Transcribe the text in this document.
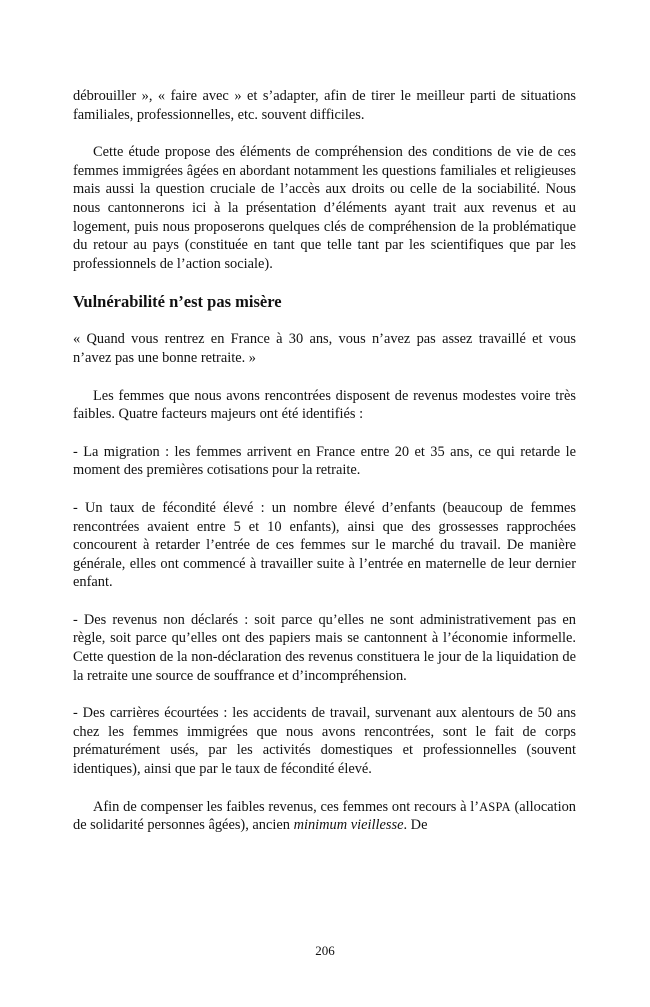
débrouiller », « faire avec » et s’adapter, afin de tirer le meilleur parti de situations familiales, professionnelles, etc. souvent difficiles.

Cette étude propose des éléments de compréhension des conditions de vie de ces femmes immigrées âgées en abordant notamment les questions familiales et religieuses mais aussi la question cruciale de l’accès aux droits ou celle de la sociabilité. Nous nous cantonnerons ici à la présentation d’éléments ayant trait aux revenus et au logement, puis nous proposerons quelques clés de compréhension de la problématique du retour au pays (constituée en tant que telle tant par les scientifiques que par les professionnels de l’action sociale).

Vulnérabilité n’est pas misère

« Quand vous rentrez en France à 30 ans, vous n’avez pas assez travaillé et vous n’avez pas une bonne retraite. »

Les femmes que nous avons rencontrées disposent de revenus modestes voire très faibles. Quatre facteurs majeurs ont été identifiés :

- La migration : les femmes arrivent en France entre 20 et 35 ans, ce qui retarde le moment des premières cotisations pour la retraite.

- Un taux de fécondité élevé : un nombre élevé d’enfants (beaucoup de femmes rencontrées avaient entre 5 et 10 enfants), ainsi que des grossesses rapprochées concourent à retarder l’entrée de ces femmes sur le marché du travail. De manière générale, elles ont commencé à travailler suite à l’entrée en maternelle de leur dernier enfant.

- Des revenus non déclarés : soit parce qu’elles ne sont administrativement pas en règle, soit parce qu’elles ont des papiers mais se cantonnent à l’économie informelle. Cette question de la non-déclaration des revenus constituera le jour de la liquidation de la retraite une source de souffrance et d’incompréhension.

- Des carrières écourtées : les accidents de travail, survenant aux alentours de 50 ans chez les femmes immigrées que nous avons rencontrées, sont le fait de corps prématurément usés, par les activités domestiques et professionnelles (souvent identiques), ainsi que par le taux de fécondité élevé.

Afin de compenser les faibles revenus, ces femmes ont recours à l’ASPA (allocation de solidarité personnes âgées), ancien minimum vieillesse. De

206
